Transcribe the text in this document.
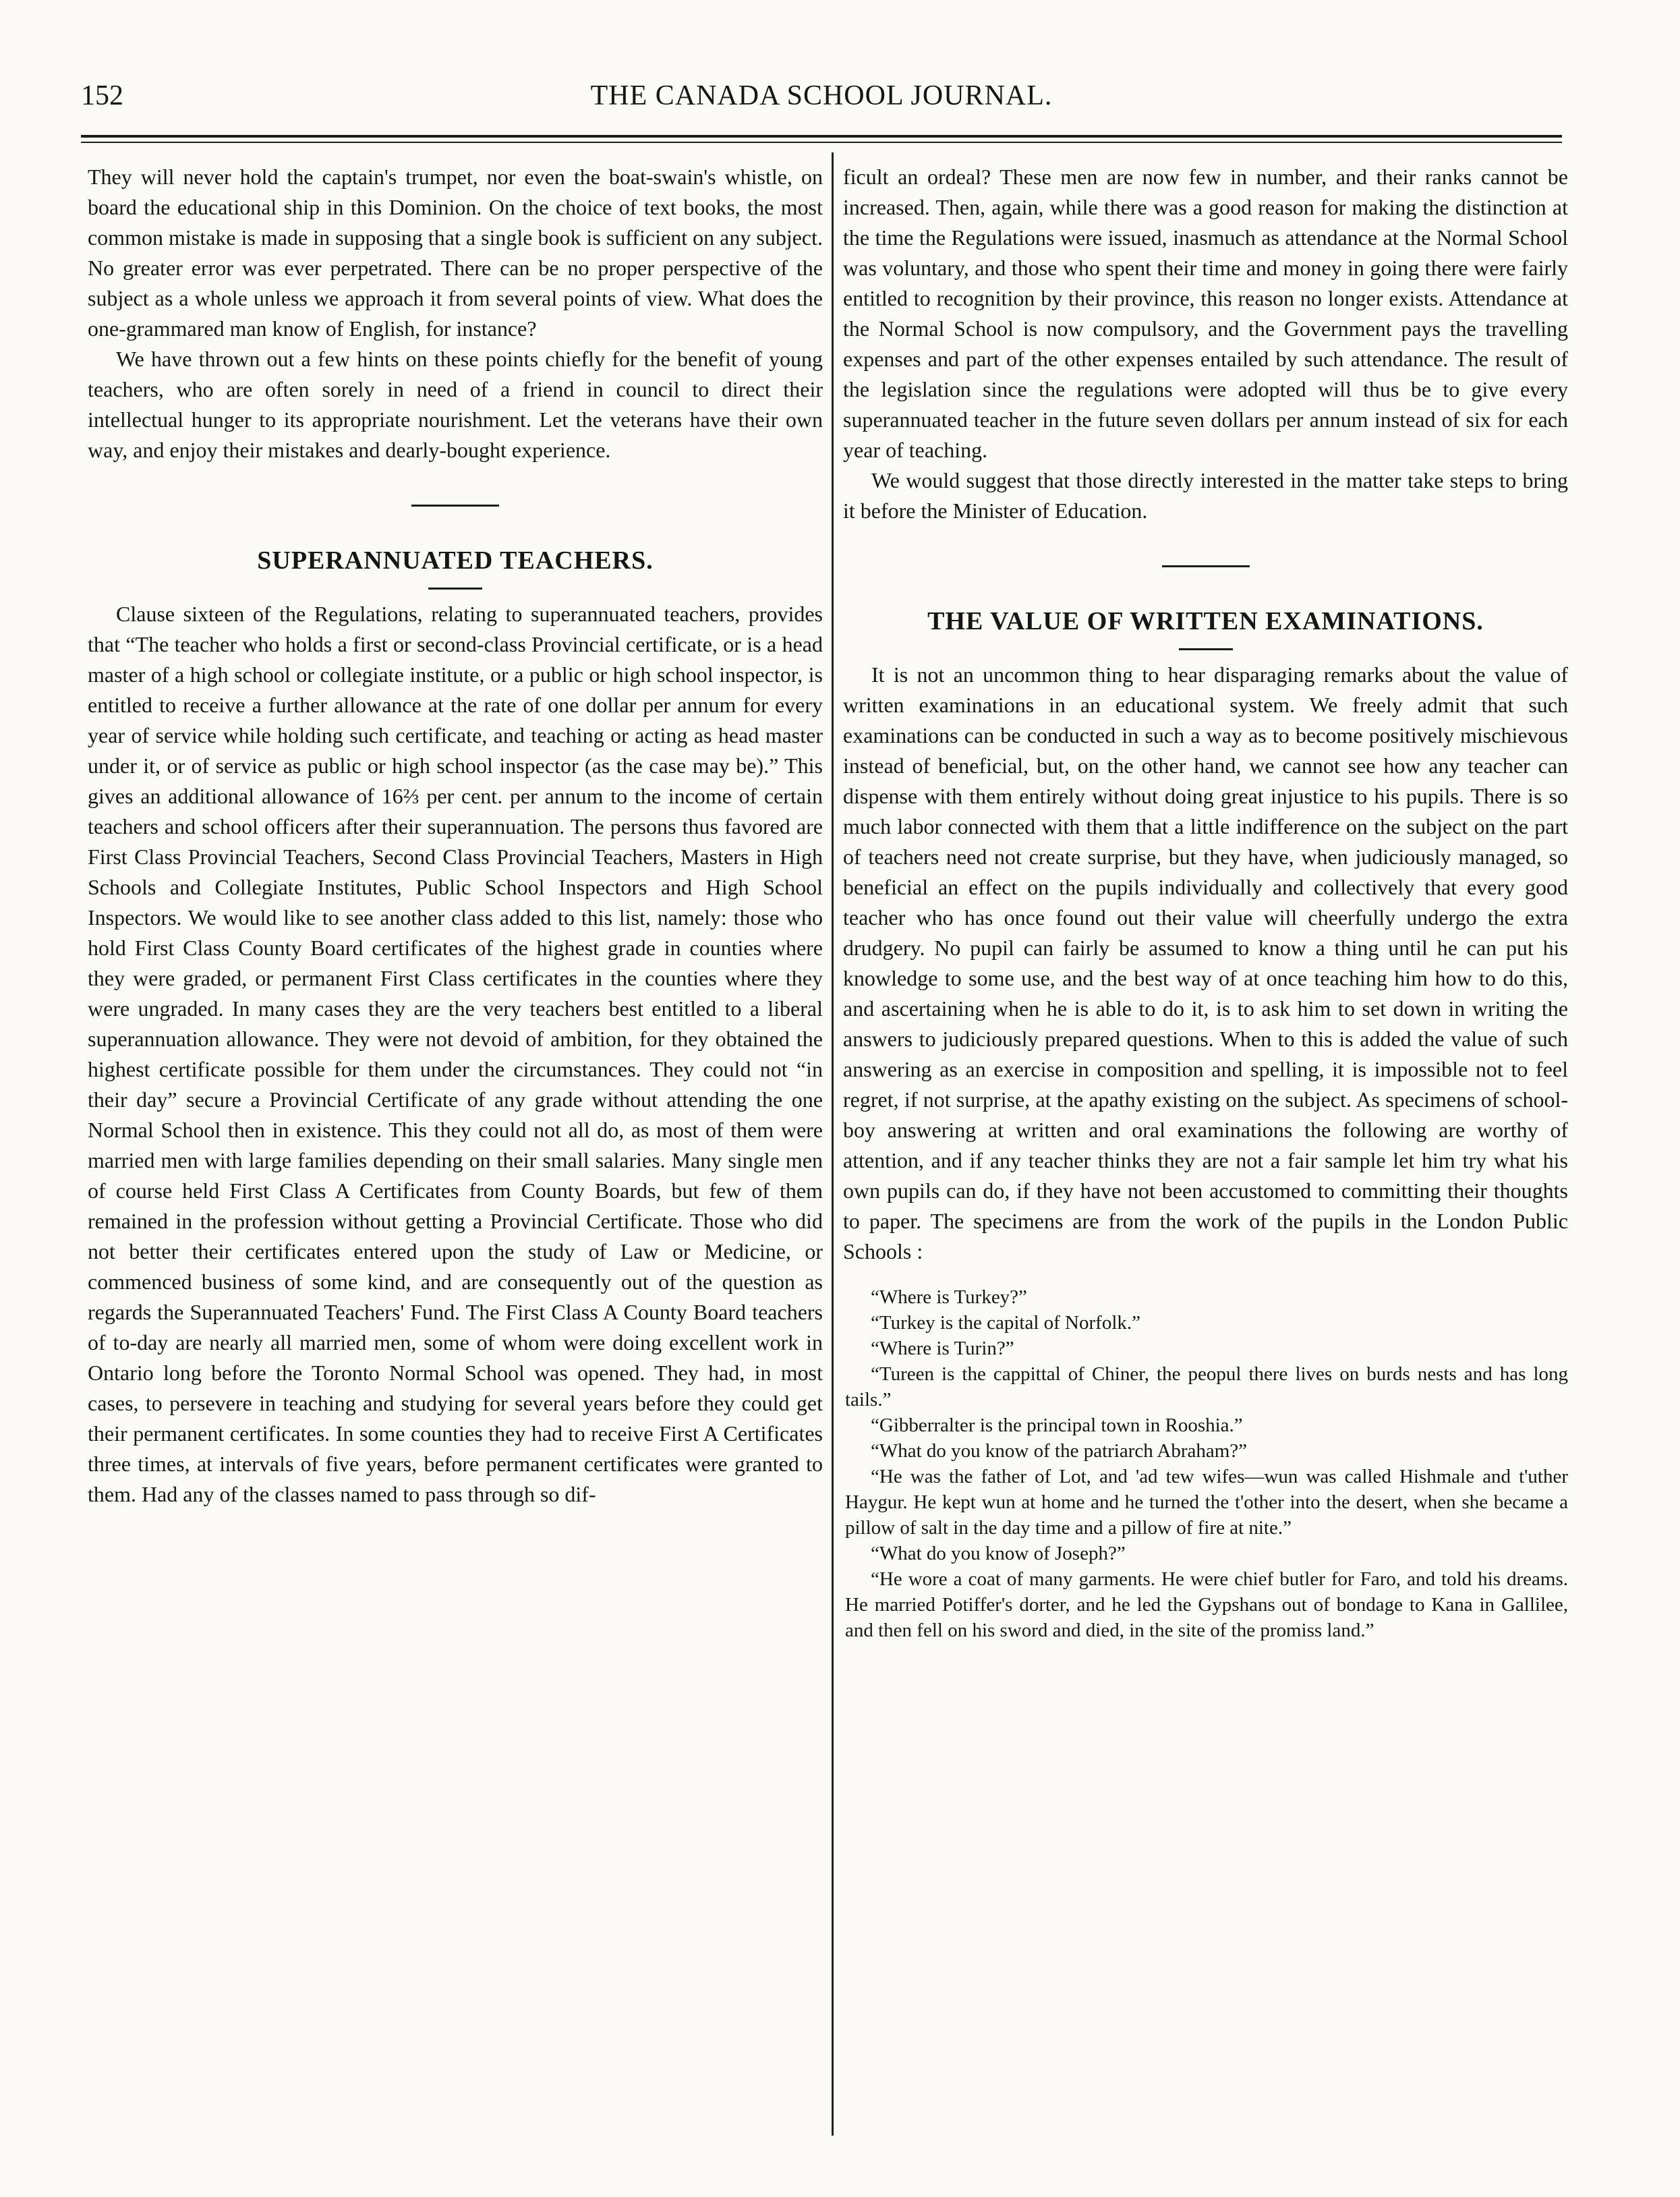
152	THE CANADA SCHOOL JOURNAL.

They will never hold the captain's trumpet, nor even the boat-swain's whistle, on board the educational ship in this Dominion. On the choice of text books, the most common mistake is made in supposing that a single book is sufficient on any subject. No greater error was ever perpetrated. There can be no proper perspective of the subject as a whole unless we approach it from several points of view. What does the one-grammared man know of English, for instance?

We have thrown out a few hints on these points chiefly for the benefit of young teachers, who are often sorely in need of a friend in council to direct their intellectual hunger to its appropriate nourishment. Let the veterans have their own way, and enjoy their mistakes and dearly-bought experience.

SUPERANNUATED TEACHERS.

Clause sixteen of the Regulations, relating to superannuated teachers, provides that “The teacher who holds a first or second-class Provincial certificate, or is a head master of a high school or collegiate institute, or a public or high school inspector, is entitled to receive a further allowance at the rate of one dollar per annum for every year of service while holding such certificate, and teaching or acting as head master under it, or of service as public or high school inspector (as the case may be).” This gives an additional allowance of 16⅔ per cent. per annum to the income of certain teachers and school officers after their superannuation. The persons thus favored are First Class Provincial Teachers, Second Class Provincial Teachers, Masters in High Schools and Collegiate Institutes, Public School Inspectors and High School Inspectors. We would like to see another class added to this list, namely: those who hold First Class County Board certificates of the highest grade in counties where they were graded, or permanent First Class certificates in the counties where they were ungraded. In many cases they are the very teachers best entitled to a liberal superannuation allowance. They were not devoid of ambition, for they obtained the highest certificate possible for them under the circumstances. They could not “in their day” secure a Provincial Certificate of any grade without attending the one Normal School then in existence. This they could not all do, as most of them were married men with large families depending on their small salaries. Many single men of course held First Class A Certificates from County Boards, but few of them remained in the profession without getting a Provincial Certificate. Those who did not better their certificates entered upon the study of Law or Medicine, or commenced business of some kind, and are consequently out of the question as regards the Superannuated Teachers' Fund. The First Class A County Board teachers of to-day are nearly all married men, some of whom were doing excellent work in Ontario long before the Toronto Normal School was opened. They had, in most cases, to persevere in teaching and studying for several years before they could get their permanent certificates. In some counties they had to receive First A Certificates three times, at intervals of five years, before permanent certificates were granted to them. Had any of the classes named to pass through so dif-

ficult an ordeal? These men are now few in number, and their ranks cannot be increased. Then, again, while there was a good reason for making the distinction at the time the Regulations were issued, inasmuch as attendance at the Normal School was voluntary, and those who spent their time and money in going there were fairly entitled to recognition by their province, this reason no longer exists. Attendance at the Normal School is now compulsory, and the Government pays the travelling expenses and part of the other expenses entailed by such attendance. The result of the legislation since the regulations were adopted will thus be to give every superannuated teacher in the future seven dollars per annum instead of six for each year of teaching.

We would suggest that those directly interested in the matter take steps to bring it before the Minister of Education.

THE VALUE OF WRITTEN EXAMINATIONS.

It is not an uncommon thing to hear disparaging remarks about the value of written examinations in an educational system. We freely admit that such examinations can be conducted in such a way as to become positively mischievous instead of beneficial, but, on the other hand, we cannot see how any teacher can dispense with them entirely without doing great injustice to his pupils. There is so much labor connected with them that a little indifference on the subject on the part of teachers need not create surprise, but they have, when judiciously managed, so beneficial an effect on the pupils individually and collectively that every good teacher who has once found out their value will cheerfully undergo the extra drudgery. No pupil can fairly be assumed to know a thing until he can put his knowledge to some use, and the best way of at once teaching him how to do this, and ascertaining when he is able to do it, is to ask him to set down in writing the answers to judiciously prepared questions. When to this is added the value of such answering as an exercise in composition and spelling, it is impossible not to feel regret, if not surprise, at the apathy existing on the subject. As specimens of school-boy answering at written and oral examinations the following are worthy of attention, and if any teacher thinks they are not a fair sample let him try what his own pupils can do, if they have not been accustomed to committing their thoughts to paper. The specimens are from the work of the pupils in the London Public Schools :

“Where is Turkey?”

“Turkey is the capital of Norfolk.”

“Where is Turin?”

“Tureen is the cappittal of Chiner, the peopul there lives on burds nests and has long tails.”

“Gibberralter is the principal town in Rooshia.”

“What do you know of the patriarch Abraham?”

“He was the father of Lot, and 'ad tew wifes—wun was called Hishmale and t'uther Haygur. He kept wun at home and he turned the t'other into the desert, when she became a pillow of salt in the day time and a pillow of fire at nite.”

“What do you know of Joseph?”

“He wore a coat of many garments. He were chief butler for Faro, and told his dreams. He married Potiffer's dorter, and he led the Gypshans out of bondage to Kana in Gallilee, and then fell on his sword and died, in the site of the promiss land.”
